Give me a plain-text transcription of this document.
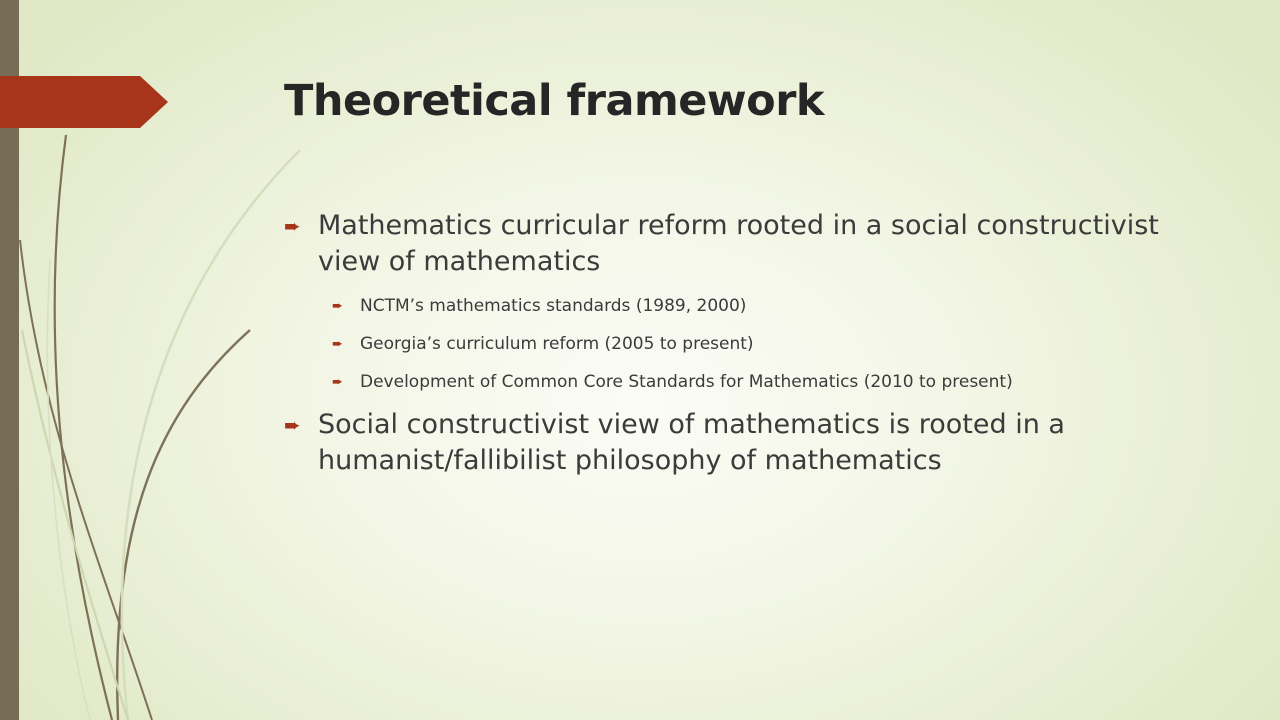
Theoretical framework
➨ Mathematics curricular reform rooted in a social constructivist view of mathematics
➨	NCTM’s mathematics standards (1989, 2000)
➨	Georgia’s curriculum reform (2005 to present)
➨	Development of Common Core Standards for Mathematics (2010 to present)
➨ Social constructivist view of mathematics is rooted in a humanist/fallibilist philosophy of mathematics
